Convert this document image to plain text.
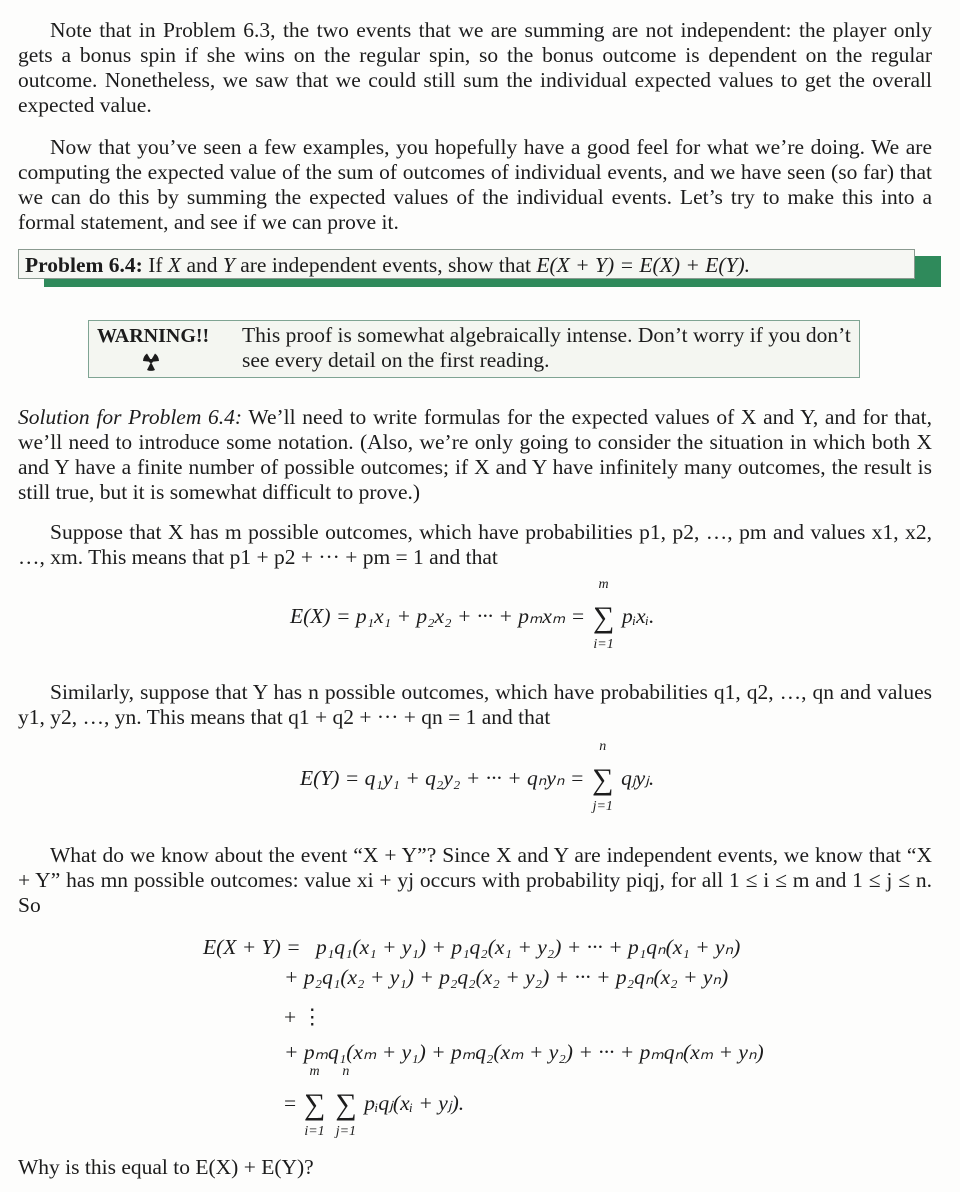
Note that in Problem 6.3, the two events that we are summing are not independent: the player only gets a bonus spin if she wins on the regular spin, so the bonus outcome is dependent on the regular outcome. Nonetheless, we saw that we could still sum the individual expected values to get the overall expected value.

Now that you’ve seen a few examples, you hopefully have a good feel for what we’re doing. We are computing the expected value of the sum of outcomes of individual events, and we have seen (so far) that we can do this by summing the expected values of the individual events. Let’s try to make this into a formal statement, and see if we can prove it.

Problem 6.4: If X and Y are independent events, show that E(X + Y) = E(X) + E(Y).
WARNING!! This proof is somewhat algebraically intense. Don’t worry if you don’t see every detail on the first reading.

Solution for Problem 6.4: We’ll need to write formulas for the expected values of X and Y, and for that, we’ll need to introduce some notation. (Also, we’re only going to consider the situation in which both X and Y have a finite number of possible outcomes; if X and Y have infinitely many outcomes, the result is still true, but it is somewhat difficult to prove.)

Suppose that X has m possible outcomes, which have probabilities p1, p2, …, pm and values x1, x2, …, xm. This means that p1 + p2 + ··· + pm = 1 and that

E(X) = p₁x₁ + p₂x₂ + ··· + pₘxₘ =
m
∑
i=1
pᵢxᵢ.

Similarly, suppose that Y has n possible outcomes, which have probabilities q1, q2, …, qn and values y1, y2, …, yn. This means that q1 + q2 + ··· + qn = 1 and that

E(Y) = q₁y₁ + q₂y₂ + ··· + qₙyₙ =
n
∑
j=1
qⱼyⱼ.

What do we know about the event “X + Y”? Since X and Y are independent events, we know that “X + Y” has mn possible outcomes: value xi + yj occurs with probability piqj, for all 1 ≤ i ≤ m and 1 ≤ j ≤ n. So

E(X + Y) = p₁q₁(x₁ + y₁) + p₁q₂(x₁ + y₂) + ··· + p₁qₙ(x₁ + yₙ)
+ p₂q₁(x₂ + y₁) + p₂q₂(x₂ + y₂) + ··· + p₂qₙ(x₂ + yₙ)
+ ⋮
+ pₘq₁(xₘ + y₁) + pₘq₂(xₘ + y₂) + ··· + pₘqₙ(xₘ + yₙ)
=
m
∑
i=1

n
∑
j=1
pᵢqⱼ(xᵢ + yⱼ).

Why is this equal to E(X) + E(Y)?
